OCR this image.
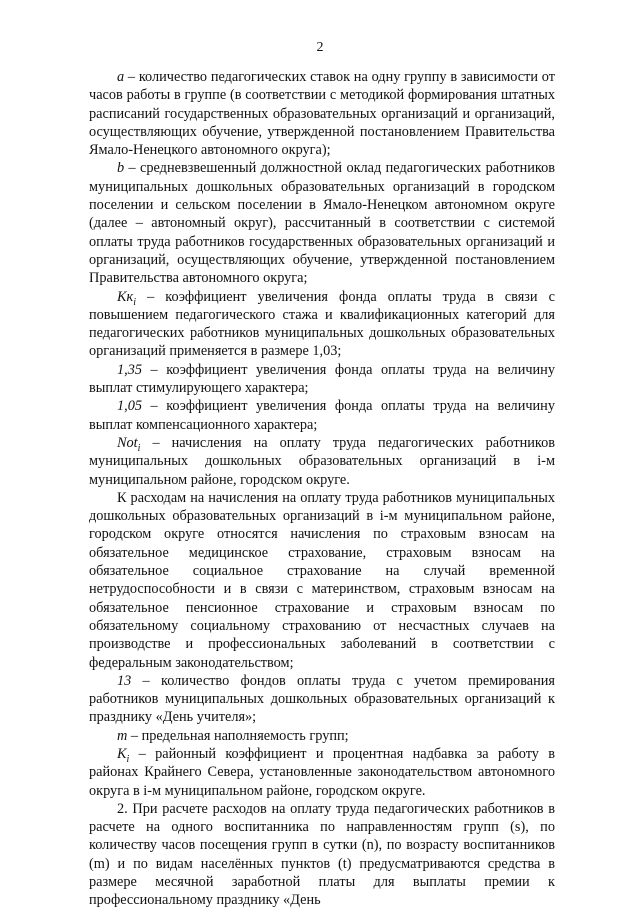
2

a – количество педагогических ставок на одну группу в зависимости от часов работы в группе (в соответствии с методикой формирования штатных расписаний государственных образовательных организаций и организаций, осуществляющих обучение, утвержденной постановлением Правительства Ямало-Ненецкого автономного округа);

b – средневзвешенный должностной оклад педагогических работников муниципальных дошкольных образовательных организаций в городском поселении и сельском поселении в Ямало-Ненецком автономном округе (далее – автономный округ), рассчитанный в соответствии с системой оплаты труда работников государственных образовательных организаций и организаций, осуществляющих обучение, утвержденной постановлением Правительства автономного округа;

$Kк_i$ – коэффициент увеличения фонда оплаты труда в связи с повышением педагогического стажа и квалификационных категорий для педагогических работников муниципальных дошкольных образовательных организаций применяется в размере 1,03;

1,35 – коэффициент увеличения фонда оплаты труда на величину выплат стимулирующего характера;

1,05 – коэффициент увеличения фонда оплаты труда на величину выплат компенсационного характера;

Not$_i$ – начисления на оплату труда педагогических работников муниципальных дошкольных образовательных организаций в i-м муниципальном районе, городском округе.

К расходам на начисления на оплату труда работников муниципальных дошкольных образовательных организаций в i-м муниципальном районе, городском округе относятся начисления по страховым взносам на обязательное медицинское страхование, страховым взносам на обязательное социальное страхование на случай временной нетрудоспособности и в связи с материнством, страховым взносам на обязательное пенсионное страхование и страховым взносам по обязательному социальному страхованию от несчастных случаев на производстве и профессиональных заболеваний в соответствии с федеральным законодательством;

13 – количество фондов оплаты труда с учетом премирования работников муниципальных дошкольных образовательных организаций к празднику «День учителя»;

m – предельная наполняемость групп;

$K_i$ – районный коэффициент и процентная надбавка за работу в районах Крайнего Севера, установленные законодательством автономного округа в i-м муниципальном районе, городском округе.

2. При расчете расходов на оплату труда педагогических работников в расчете на одного воспитанника по направленностям групп (s), по количеству часов посещения групп в сутки (n), по возрасту воспитанников (m) и по видам населённых пунктов (t) предусматриваются средства в размере месячной заработной платы для выплаты премии к профессиональному празднику «День
